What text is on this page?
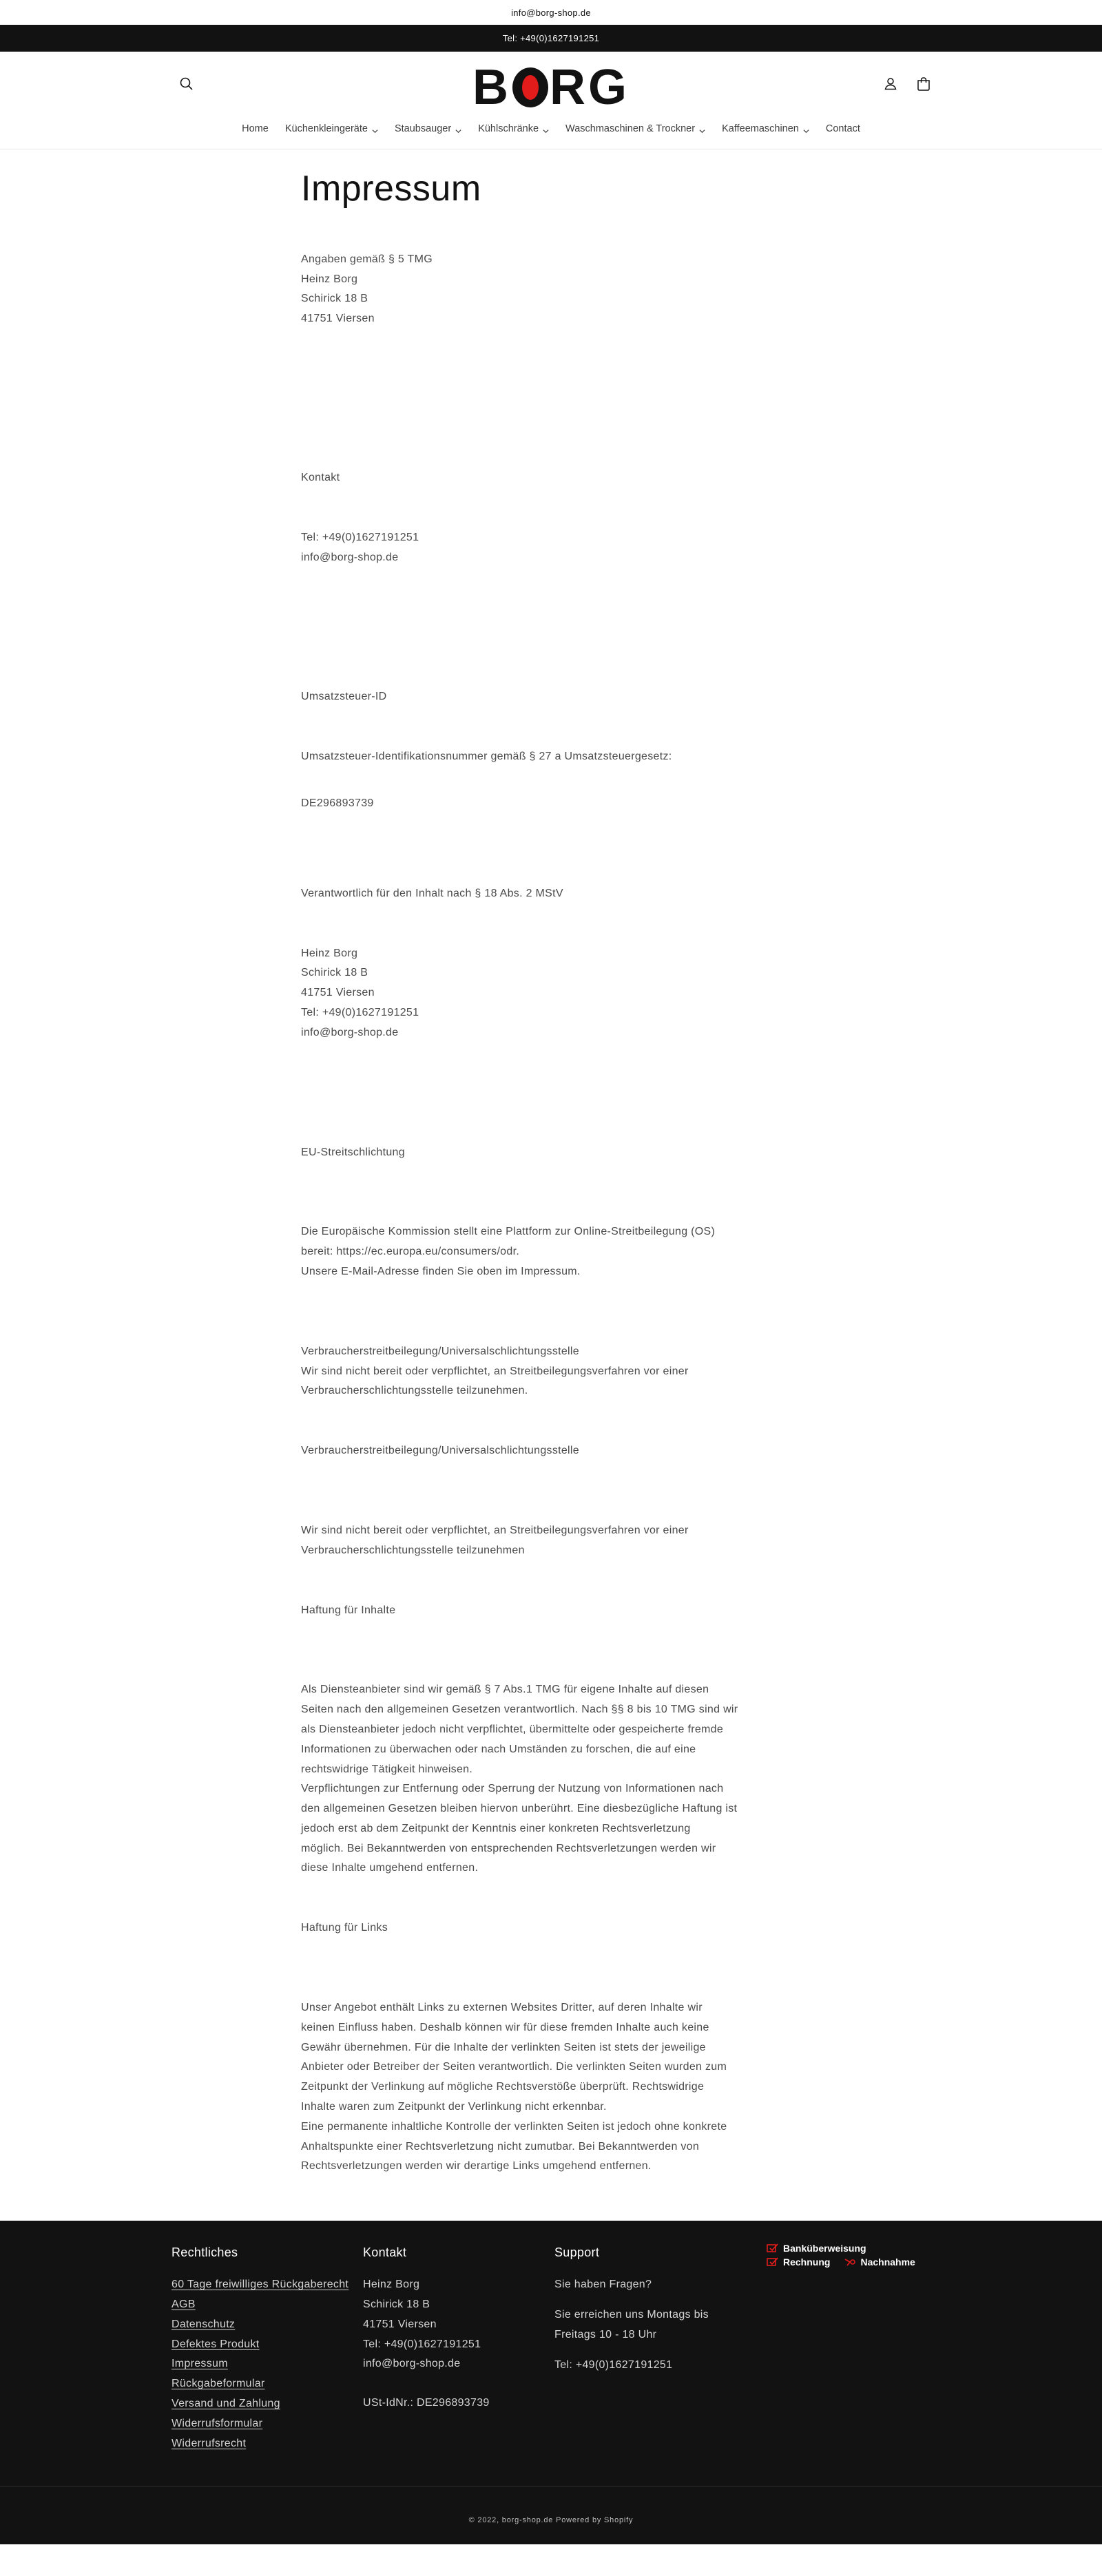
info@borg-shop.de
Tel: +49(0)1627191251
B RG
Home Küchenkleingeräte	Staubsauger	Kühlschränke	Waschmaschinen & Trockner	Kaffeemaschinen	Contact
Impressum

Angaben gemäß § 5 TMG

Heinz Borg

Schirick 18 B

41751 Viersen

Kontakt

Tel: +49(0)1627191251

info@borg-shop.de

Umsatzsteuer-ID

Umsatzsteuer-Identifikationsnummer gemäß § 27 a Umsatzsteuergesetz:

DE296893739

Verantwortlich für den Inhalt nach § 18 Abs. 2 MStV

Heinz Borg

Schirick 18 B

41751 Viersen

Tel: +49(0)1627191251

info@borg-shop.de

EU-Streitschlichtung

Die Europäische Kommission stellt eine Plattform zur Online-Streitbeilegung (OS)

bereit: https://ec.europa.eu/consumers/odr.

Unsere E-Mail-Adresse finden Sie oben im Impressum.

Verbraucherstreitbeilegung/Universalschlichtungsstelle

Wir sind nicht bereit oder verpflichtet, an Streitbeilegungsverfahren vor einer

Verbraucherschlichtungsstelle teilzunehmen.

Verbraucherstreitbeilegung/Universalschlichtungsstelle

Wir sind nicht bereit oder verpflichtet, an Streitbeilegungsverfahren vor einer

Verbraucherschlichtungsstelle teilzunehmen

Haftung für Inhalte

Als Diensteanbieter sind wir gemäß § 7 Abs.1 TMG für eigene Inhalte auf diesen

Seiten nach den allgemeinen Gesetzen verantwortlich. Nach §§ 8 bis 10 TMG sind wir

als Diensteanbieter jedoch nicht verpflichtet, übermittelte oder gespeicherte fremde

Informationen zu überwachen oder nach Umständen zu forschen, die auf eine

rechtswidrige Tätigkeit hinweisen.

Verpflichtungen zur Entfernung oder Sperrung der Nutzung von Informationen nach

den allgemeinen Gesetzen bleiben hiervon unberührt. Eine diesbezügliche Haftung ist

jedoch erst ab dem Zeitpunkt der Kenntnis einer konkreten Rechtsverletzung

möglich. Bei Bekanntwerden von entsprechenden Rechtsverletzungen werden wir

diese Inhalte umgehend entfernen.

Haftung für Links

Unser Angebot enthält Links zu externen Websites Dritter, auf deren Inhalte wir

keinen Einfluss haben. Deshalb können wir für diese fremden Inhalte auch keine

Gewähr übernehmen. Für die Inhalte der verlinkten Seiten ist stets der jeweilige

Anbieter oder Betreiber der Seiten verantwortlich. Die verlinkten Seiten wurden zum

Zeitpunkt der Verlinkung auf mögliche Rechtsverstöße überprüft. Rechtswidrige

Inhalte waren zum Zeitpunkt der Verlinkung nicht erkennbar.

Eine permanente inhaltliche Kontrolle der verlinkten Seiten ist jedoch ohne konkrete

Anhaltspunkte einer Rechtsverletzung nicht zumutbar. Bei Bekanntwerden von

Rechtsverletzungen werden wir derartige Links umgehend entfernen.

Rechtliches
60 Tage freiwilliges Rückgaberecht
AGB
Datenschutz
Defektes Produkt
Impressum
Rückgabeformular
Versand und Zahlung
Widerrufsformular
Widerrufsrecht
Kontakt

Heinz Borg

Schirick 18 B

41751 Viersen

Tel: +49(0)1627191251

info@borg-shop.de

USt-IdNr.: DE296893739

Support

Sie haben Fragen?

Sie erreichen uns Montags bis Freitags 10 - 18 Uhr

Tel: +49(0)1627191251

Banküberweisung
Rechnung	Nachnahme
© 2022, borg-shop.de Powered by Shopify
